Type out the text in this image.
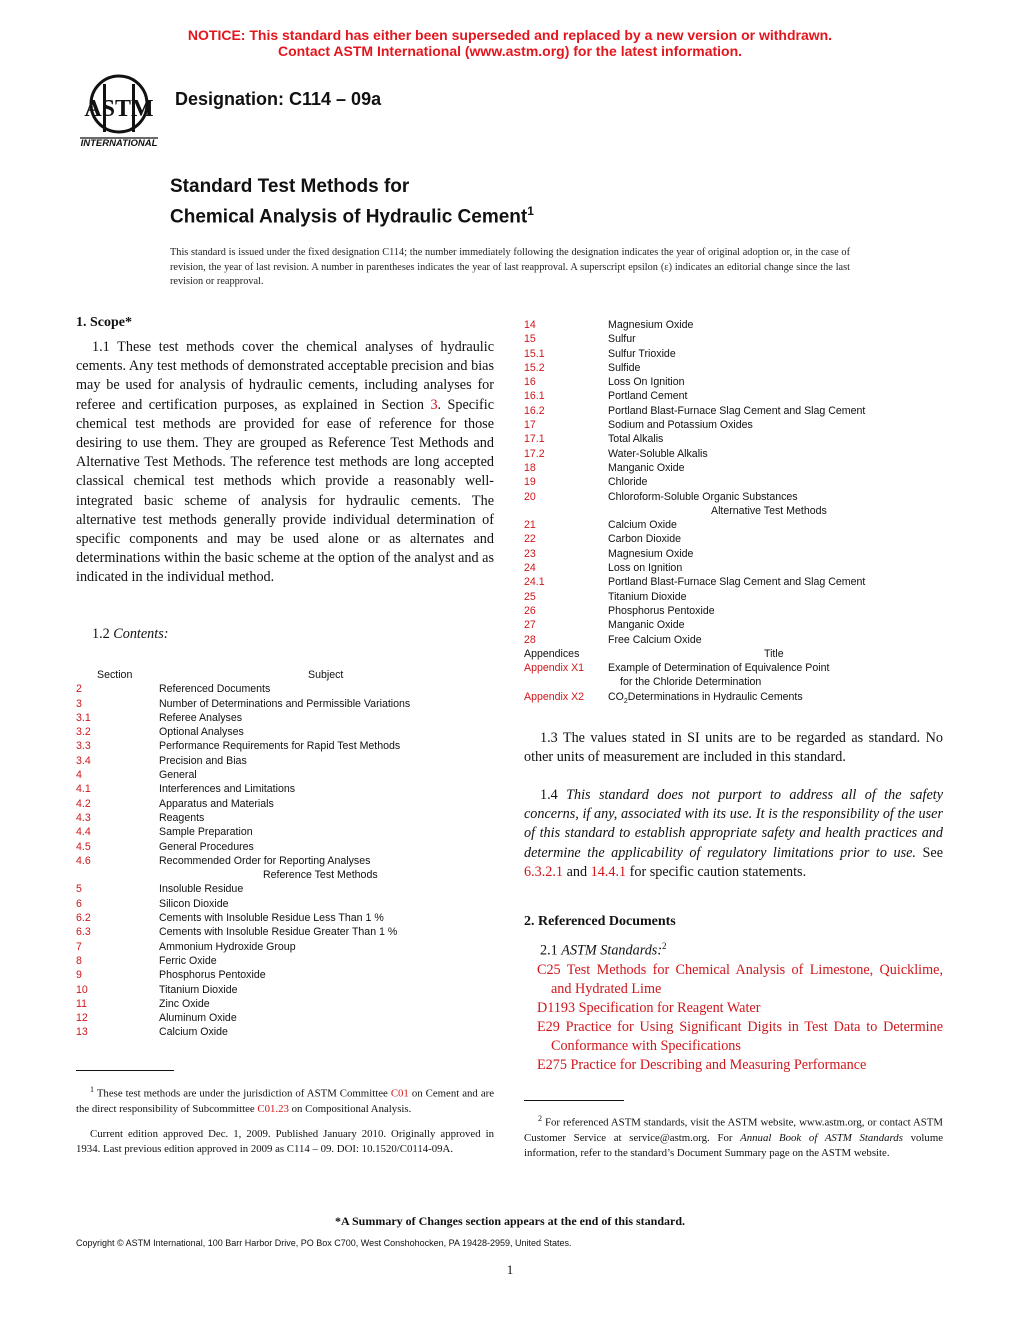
NOTICE: This standard has either been superseded and replaced by a new version or withdrawn.
Contact ASTM International (www.astm.org) for the latest information.
ASTM
INTERNATIONAL
Designation: C114 – 09a
Standard Test Methods for
Chemical Analysis of Hydraulic Cement$^1$
This standard is issued under the fixed designation C114; the number immediately following the designation indicates the year of original adoption or, in the case of revision, the year of last revision. A number in parentheses indicates the year of last reapproval. A superscript epsilon (ε) indicates an editorial change since the last revision or reapproval.
1. Scope*
1.1 These test methods cover the chemical analyses of hydraulic cements. Any test methods of demonstrated acceptable precision and bias may be used for analysis of hydraulic cements, including analyses for referee and certification purposes, as explained in Section 3. Specific chemical test methods are provided for ease of reference for those desiring to use them. They are grouped as Reference Test Methods and Alternative Test Methods. The reference test methods are long accepted classical chemical test methods which provide a reasonably well-integrated basic scheme of analysis for hydraulic cements. The alternative test methods generally provide individual determination of specific components and may be used alone or as alternates and determinations within the basic scheme at the option of the analyst and as indicated in the individual method.
1.2 Contents:
Section	Subject
2	Referenced Documents
3	Number of Determinations and Permissible Variations
3.1	Referee Analyses
3.2	Optional Analyses
3.3	Performance Requirements for Rapid Test Methods
3.4	Precision and Bias
4	General
4.1	Interferences and Limitations
4.2	Apparatus and Materials
4.3	Reagents
4.4	Sample Preparation
4.5	General Procedures
4.6	Recommended Order for Reporting Analyses
Reference Test Methods
5	Insoluble Residue
6	Silicon Dioxide
6.2	Cements with Insoluble Residue Less Than 1 %
6.3	Cements with Insoluble Residue Greater Than 1 %
7	Ammonium Hydroxide Group
8	Ferric Oxide
9	Phosphorus Pentoxide
10	Titanium Dioxide
11	Zinc Oxide
12	Aluminum Oxide
13	Calcium Oxide
$^1$ These test methods are under the jurisdiction of ASTM Committee C01 on Cement and are the direct responsibility of Subcommittee C01.23 on Compositional Analysis.
Current edition approved Dec. 1, 2009. Published January 2010. Originally approved in 1934. Last previous edition approved in 2009 as C114 – 09. DOI: 10.1520/C0114-09A.
14	Magnesium Oxide
15	Sulfur
15.1	Sulfur Trioxide
15.2	Sulfide
16	Loss On Ignition
16.1	Portland Cement
16.2	Portland Blast-Furnace Slag Cement and Slag Cement
17	Sodium and Potassium Oxides
17.1	Total Alkalis
17.2	Water-Soluble Alkalis
18	Manganic Oxide
19	Chloride
20	Chloroform-Soluble Organic Substances
Alternative Test Methods
21	Calcium Oxide
22	Carbon Dioxide
23	Magnesium Oxide
24	Loss on Ignition
24.1	Portland Blast-Furnace Slag Cement and Slag Cement
25	Titanium Dioxide
26	Phosphorus Pentoxide
27	Manganic Oxide
28	Free Calcium Oxide
Appendices	Title
Appendix X1 Example of Determination of Equivalence Point
for the Chloride Determination
Appendix X2 $CO_2Determinations$ in Hydraulic Cements
1.3 The values stated in SI units are to be regarded as standard. No other units of measurement are included in this standard.
1.4 This standard does not purport to address all of the safety concerns, if any, associated with its use. It is the responsibility of the user of this standard to establish appropriate safety and health practices and determine the applicability of regulatory limitations prior to use. See 6.3.2.1 and 14.4.1 for specific caution statements.
2. Referenced Documents
2.1 ASTM Standards:$^2$
C25 Test Methods for Chemical Analysis of Limestone, Quicklime, and Hydrated Lime
D1193 Specification for Reagent Water
E29 Practice for Using Significant Digits in Test Data to Determine Conformance with Specifications
E275 Practice for Describing and Measuring Performance
$^2$ For referenced ASTM standards, visit the ASTM website, www.astm.org, or contact ASTM Customer Service at service@astm.org. For Annual Book of ASTM Standards volume information, refer to the standard’s Document Summary page on the ASTM website.
*A Summary of Changes section appears at the end of this standard.
Copyright © ASTM International, 100 Barr Harbor Drive, PO Box C700, West Conshohocken, PA 19428-2959, United States.
1
